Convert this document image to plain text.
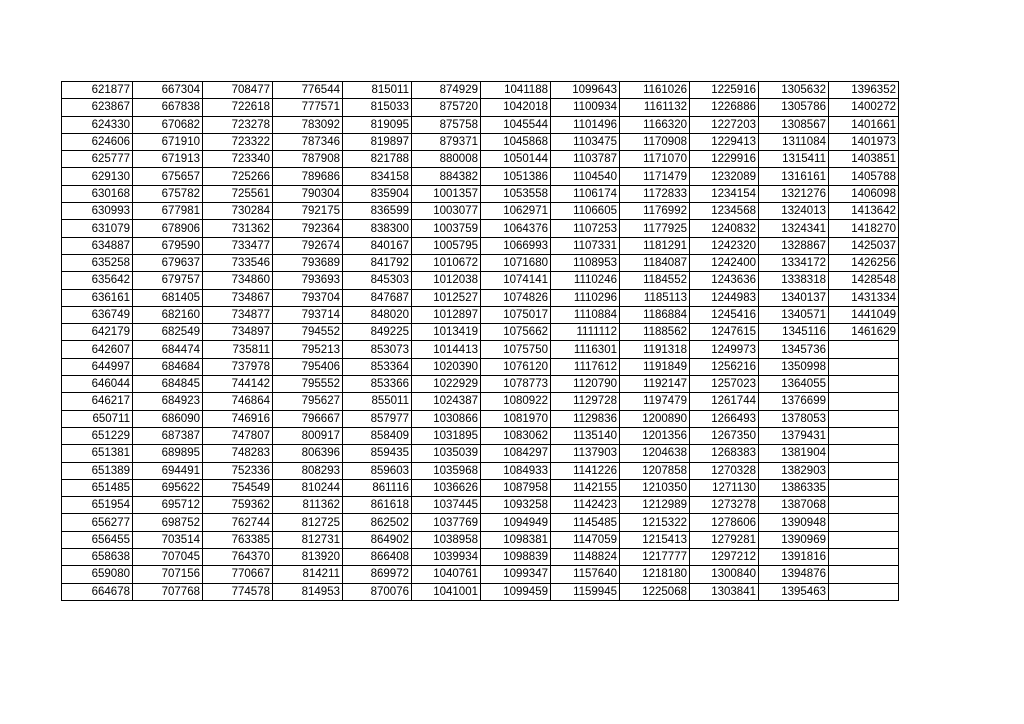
621877	667304	708477	776544	815011	874929	1041188	1099643	1161026	1225916	1305632	1396352
623867	667838	722618	777571	815033	875720	1042018	1100934	1161132	1226886	1305786	1400272
624330	670682	723278	783092	819095	875758	1045544	1101496	1166320	1227203	1308567	1401661
624606	671910	723322	787346	819897	879371	1045868	1103475	1170908	1229413	1311084	1401973
625777	671913	723340	787908	821788	880008	1050144	1103787	1171070	1229916	1315411	1403851
629130	675657	725266	789686	834158	884382	1051386	1104540	1171479	1232089	1316161	1405788
630168	675782	725561	790304	835904	1001357	1053558	1106174	1172833	1234154	1321276	1406098
630993	677981	730284	792175	836599	1003077	1062971	1106605	1176992	1234568	1324013	1413642
631079	678906	731362	792364	838300	1003759	1064376	1107253	1177925	1240832	1324341	1418270
634887	679590	733477	792674	840167	1005795	1066993	1107331	1181291	1242320	1328867	1425037
635258	679637	733546	793689	841792	1010672	1071680	1108953	1184087	1242400	1334172	1426256
635642	679757	734860	793693	845303	1012038	1074141	1110246	1184552	1243636	1338318	1428548
636161	681405	734867	793704	847687	1012527	1074826	1110296	1185113	1244983	1340137	1431334
636749	682160	734877	793714	848020	1012897	1075017	1110884	1186884	1245416	1340571	1441049
642179	682549	734897	794552	849225	1013419	1075662	1111112	1188562	1247615	1345116	1461629
642607	684474	735811	795213	853073	1014413	1075750	1116301	1191318	1249973	1345736	
644997	684684	737978	795406	853364	1020390	1076120	1117612	1191849	1256216	1350998	
646044	684845	744142	795552	853366	1022929	1078773	1120790	1192147	1257023	1364055	
646217	684923	746864	795627	855011	1024387	1080922	1129728	1197479	1261744	1376699	
650711	686090	746916	796667	857977	1030866	1081970	1129836	1200890	1266493	1378053	
651229	687387	747807	800917	858409	1031895	1083062	1135140	1201356	1267350	1379431	
651381	689895	748283	806396	859435	1035039	1084297	1137903	1204638	1268383	1381904	
651389	694491	752336	808293	859603	1035968	1084933	1141226	1207858	1270328	1382903	
651485	695622	754549	810244	861116	1036626	1087958	1142155	1210350	1271130	1386335	
651954	695712	759362	811362	861618	1037445	1093258	1142423	1212989	1273278	1387068	
656277	698752	762744	812725	862502	1037769	1094949	1145485	1215322	1278606	1390948	
656455	703514	763385	812731	864902	1038958	1098381	1147059	1215413	1279281	1390969	
658638	707045	764370	813920	866408	1039934	1098839	1148824	1217777	1297212	1391816	
659080	707156	770667	814211	869972	1040761	1099347	1157640	1218180	1300840	1394876	
664678	707768	774578	814953	870076	1041001	1099459	1159945	1225068	1303841	1395463	
